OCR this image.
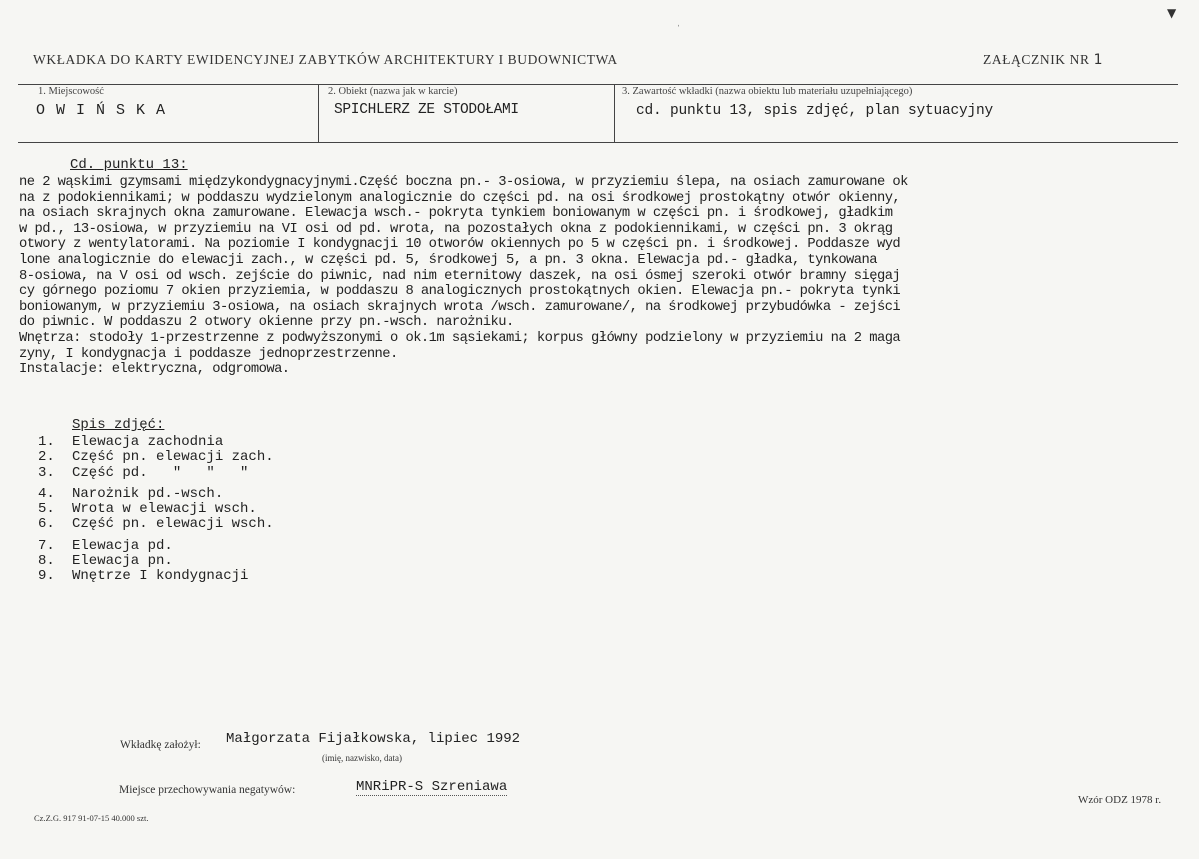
▼
ˌ
WKŁADKA DO KARTY EWIDENCYJNEJ ZABYTKÓW ARCHITEKTURY I BUDOWNICTWA	ZAŁĄCZNIK NR 1
1. Miejscowość
O W I Ń S K A
2. Obiekt (nazwa jak w karcie)
SPICHLERZ ZE STODOŁAMI
3. Zawartość wkładki (nazwa obiektu lub materiału uzupełniającego)
cd. punktu 13, spis zdjęć, plan sytuacyjny
Cd. punktu 13:
ne 2 wąskimi gzymsami międzykondygnacyjnymi.Część boczna pn.- 3-osiowa, w przyziemiu ślepa, na osiach zamurowane ok
na z podokiennikami; w poddaszu wydzielonym analogicznie do części pd. na osi środkowej prostokątny otwór okienny,
na osiach skrajnych okna zamurowane. Elewacja wsch.- pokryta tynkiem boniowanym w części pn. i środkowej, gładkim
w pd., 13-osiowa, w przyziemiu na VI osi od pd. wrota, na pozostałych okna z podokiennikami, w części pn. 3 okrąg
otwory z wentylatorami. Na poziomie I kondygnacji 10 otworów okiennych po 5 w części pn. i środkowej. Poddasze wyd
lone analogicznie do elewacji zach., w części pd. 5, środkowej 5, a pn. 3 okna. Elewacja pd.- gładka, tynkowana
8-osiowa, na V osi od wsch. zejście do piwnic, nad nim eternitowy daszek, na osi ósmej szeroki otwór bramny sięgaj
cy górnego poziomu 7 okien przyziemia, w poddaszu 8 analogicznych prostokątnych okien. Elewacja pn.- pokryta tynki
boniowanym, w przyziemiu 3-osiowa, na osiach skrajnych wrota /wsch. zamurowane/, na środkowej przybudówka - zejści
do piwnic. W poddaszu 2 otwory okienne przy pn.-wsch. narożniku.
Wnętrza: stodoły 1-przestrzenne z podwyższonymi o ok.1m sąsiekami; korpus główny podzielony w przyziemiu na 2 maga
zyny, I kondygnacja i poddasze jednoprzestrzenne.
Instalacje: elektryczna, odgromowa.
Spis zdjęć:
1. Elewacja zachodnia
2. Część pn. elewacji zach.
3. Część pd.   "   "   "
4. Narożnik pd.-wsch.
5. Wrota w elewacji wsch.
6. Część pn. elewacji wsch.
7. Elewacja pd.
8. Elewacja pn.
9. Wnętrze I kondygnacji
Wkładkę założył: Małgorzata Fijałkowska, lipiec 1992
(imię, nazwisko, data)
Miejsce przechowywania negatywów:	MNRiPR-S Szreniawa
Wzór ODZ 1978 r.
Cz.Z.G. 917 91-07-15 40.000 szt.
